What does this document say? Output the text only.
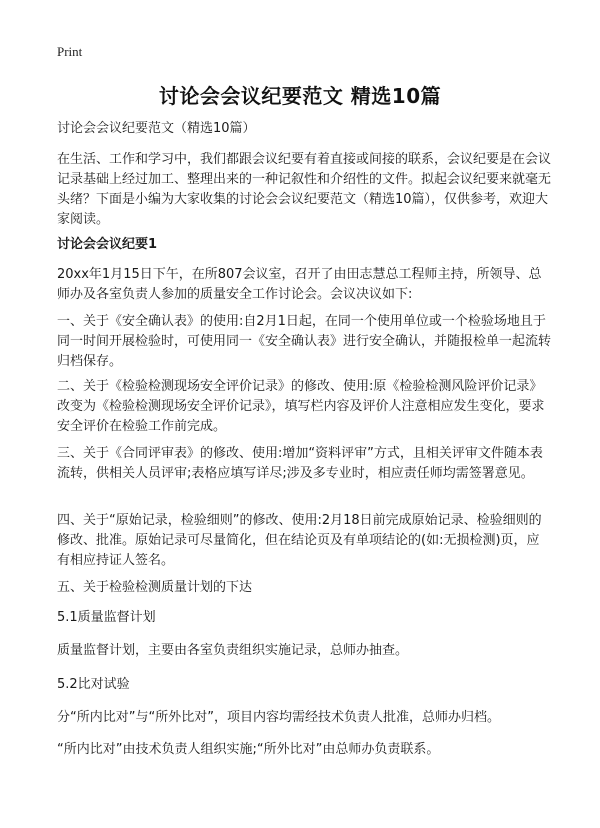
Print
讨论会会议纪要范文 精选10篇
讨论会会议纪要范文（精选10篇）
在生活、工作和学习中，我们都跟会议纪要有着直接或间接的联系，会议纪要是在会议记录基础上经过加工、整理出来的一种记叙性和介绍性的文件。拟起会议纪要来就毫无头绪？下面是小编为大家收集的讨论会会议纪要范文（精选10篇），仅供参考，欢迎大家阅读。
讨论会会议纪要1
20xx年1月15日下午，在所807会议室，召开了由田志慧总工程师主持，所领导、总师办及各室负责人参加的质量安全工作讨论会。会议决议如下:
一、关于《安全确认表》的使用:自2月1日起，在同一个使用单位或一个检验场地且于同一时间开展检验时，可使用同一《安全确认表》进行安全确认，并随报检单一起流转归档保存。
二、关于《检验检测现场安全评价记录》的修改、使用:原《检验检测风险评价记录》改变为《检验检测现场安全评价记录》，填写栏内容及评价人注意相应发生变化，要求安全评价在检验工作前完成。
三、关于《合同评审表》的修改、使用:增加“资料评审”方式，且相关评审文件随本表流转，供相关人员评审;表格应填写详尽;涉及多专业时，相应责任师均需签署意见。
四、关于“原始记录，检验细则”的修改、使用:2月18日前完成原始记录、检验细则的修改、批准。原始记录可尽量简化，但在结论页及有单项结论的(如:无损检测)页，应有相应持证人签名。
五、关于检验检测质量计划的下达
5.1质量监督计划
质量监督计划，主要由各室负责组织实施记录，总师办抽查。
5.2比对试验
分“所内比对”与“所外比对”，项目内容均需经技术负责人批准，总师办归档。
“所内比对”由技术负责人组织实施;“所外比对”由总师办负责联系。
